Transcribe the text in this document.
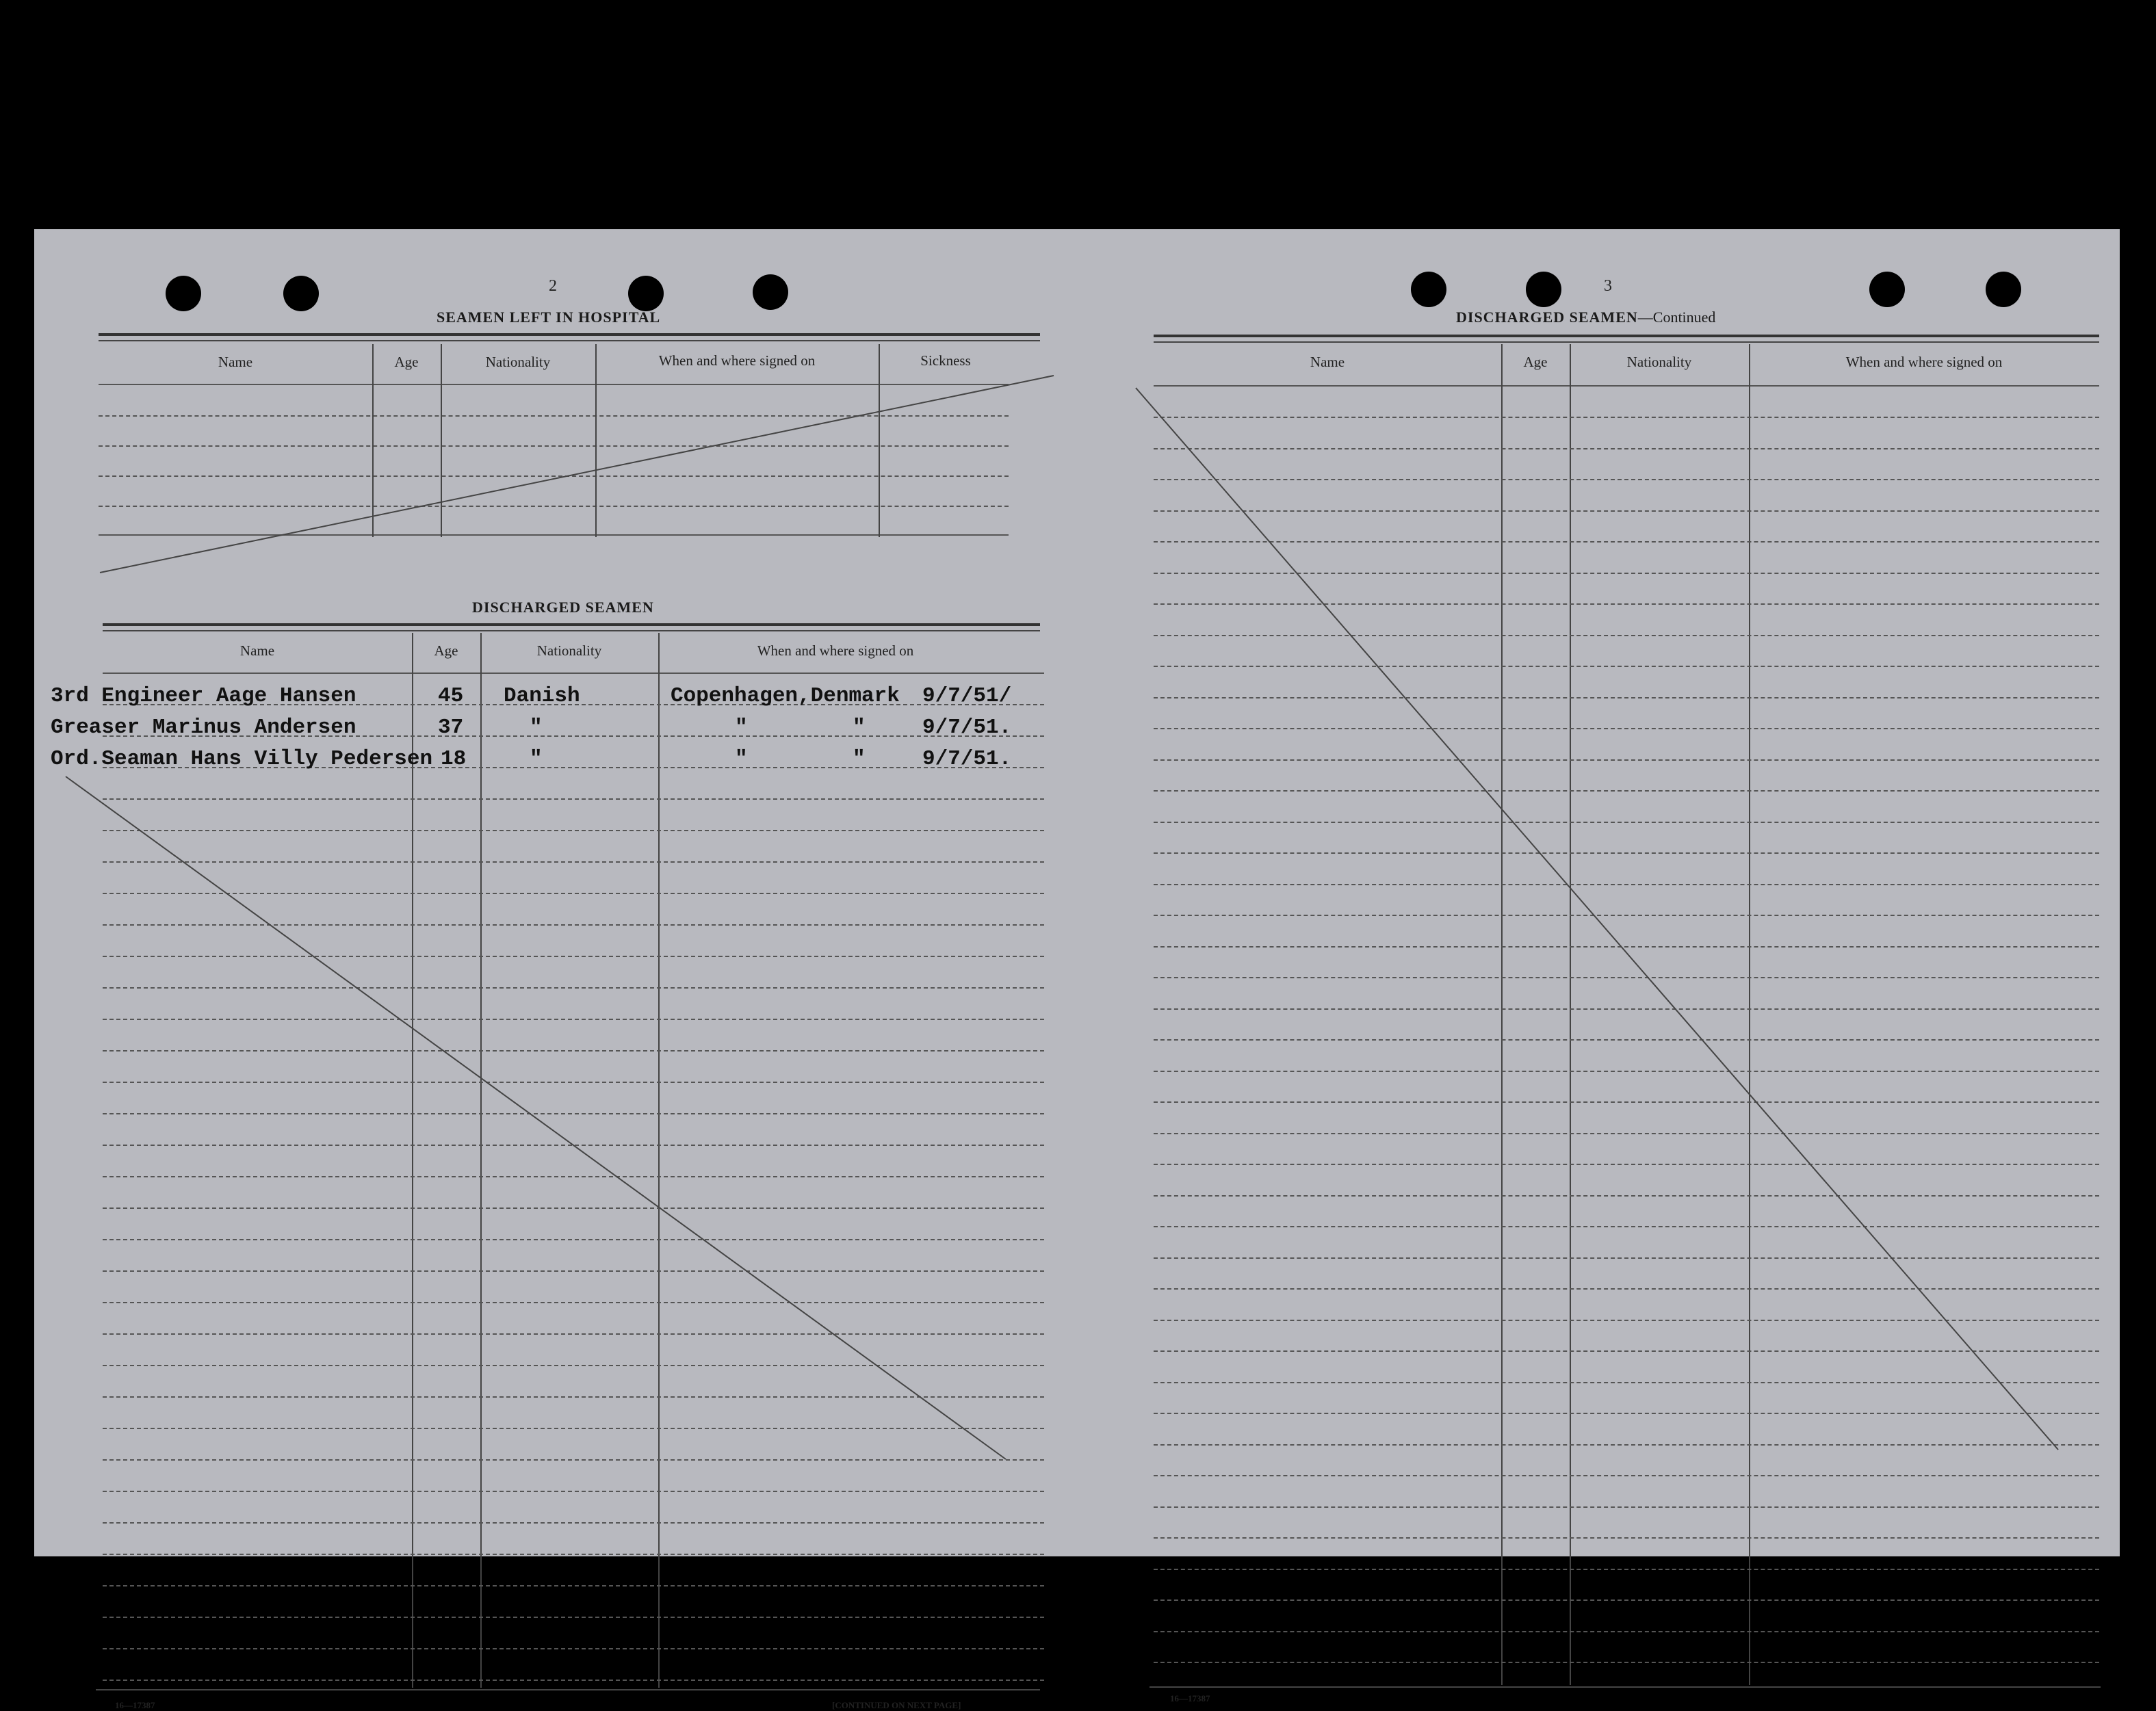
2
SEAMEN LEFT IN HOSPITAL
Name	Age	Nationality	When and where signed on	Sickness
DISCHARGED SEAMEN
Name	Age	Nationality	When and where signed on
3rd Engineer Aage Hansen	45 Danish	Copenhagen,Denmark 9/7/51/
Greaser Marinus Andersen	37	"	"	"	9/7/51.
Ord.Seaman Hans Villy Pedersen 18	"	"	"	9/7/51.
16—17387	[CONTINUED ON NEXT PAGE]
3
DISCHARGED SEAMEN—Continued
Name	Age	Nationality	When and where signed on
16—17387
